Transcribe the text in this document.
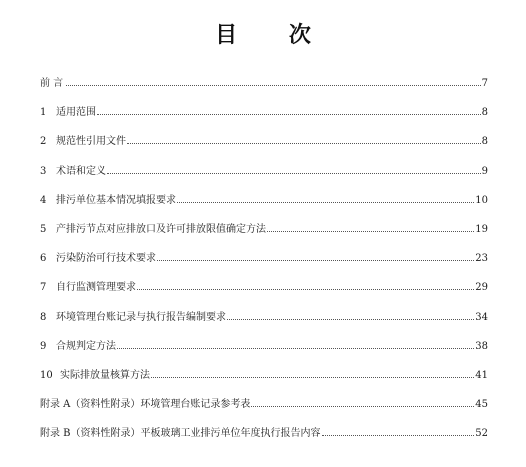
目 次
前 言	7
1 适用范围	8
2 规范性引用文件	8
3 术语和定义	9
4 排污单位基本情况填报要求	10
5 产排污节点对应排放口及许可排放限值确定方法	19
6 污染防治可行技术要求	23
7 自行监测管理要求	29
8 环境管理台账记录与执行报告编制要求	34
9 合规判定方法	38
10 实际排放量核算方法	41
附录 A（资料性附录）环境管理台账记录参考表	45
附录 B（资料性附录）平板玻璃工业排污单位年度执行报告内容	52
